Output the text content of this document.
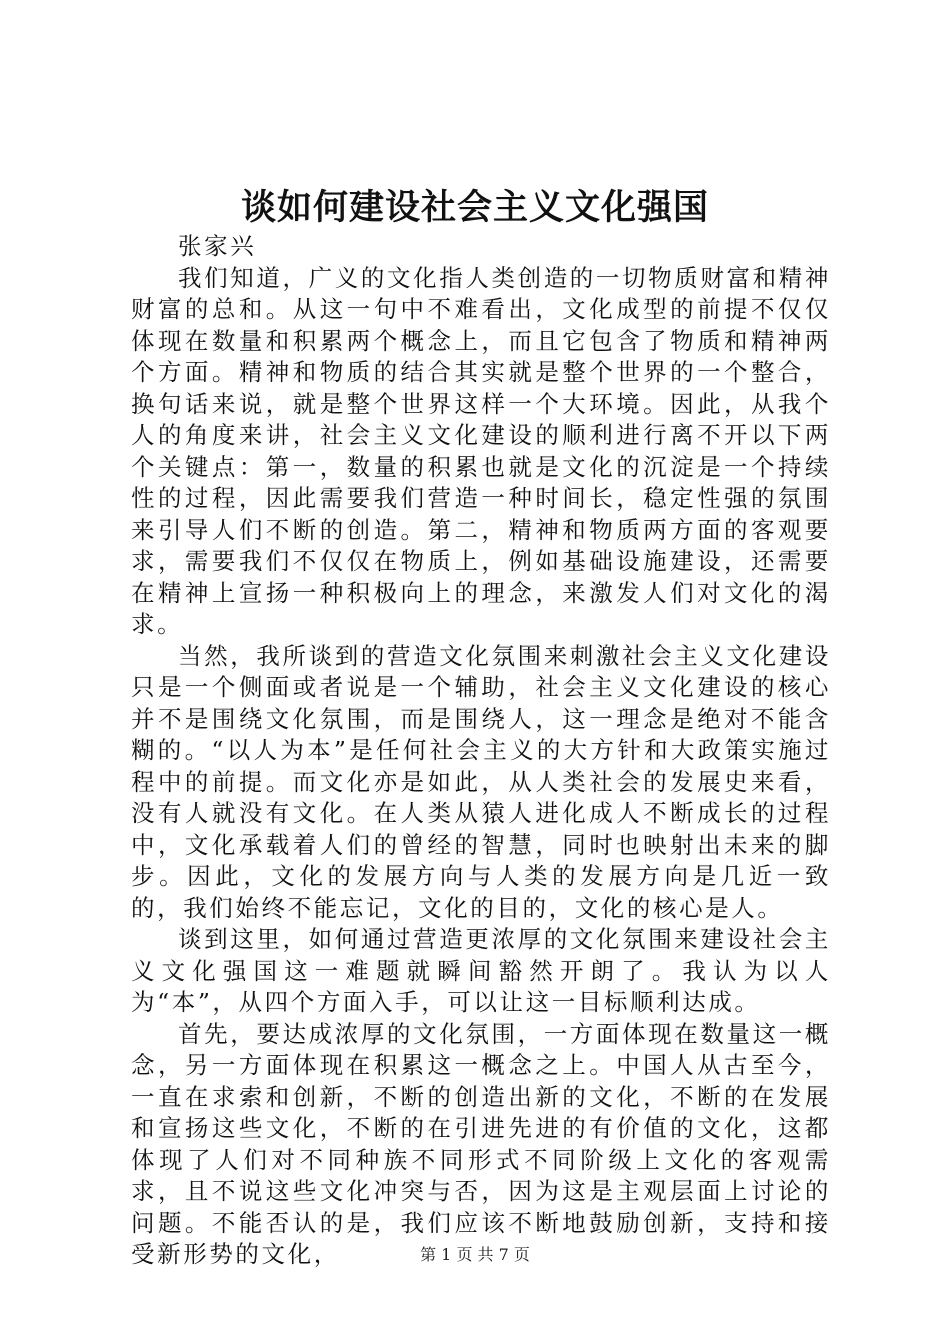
谈如何建设社会主义文化强国

张家兴

我们知道，广义的文化指人类创造的一切物质财富和精神财富的总和。从这一句中不难看出，文化成型的前提不仅仅体现在数量和积累两个概念上，而且它包含了物质和精神两个方面。精神和物质的结合其实就是整个世界的一个整合，换句话来说，就是整个世界这样一个大环境。因此，从我个人的角度来讲，社会主义文化建设的顺利进行离不开以下两个关键点：第一，数量的积累也就是文化的沉淀是一个持续性的过程，因此需要我们营造一种时间长，稳定性强的氛围来引导人们不断的创造。第二，精神和物质两方面的客观要求，需要我们不仅仅在物质上，例如基础设施建设，还需要在精神上宣扬一种积极向上的理念，来激发人们对文化的渴求。

当然，我所谈到的营造文化氛围来刺激社会主义文化建设只是一个侧面或者说是一个辅助，社会主义文化建设的核心并不是围绕文化氛围，而是围绕人，这一理念是绝对不能含糊的。“以人为本”是任何社会主义的大方针和大政策实施过程中的前提。而文化亦是如此，从人类社会的发展史来看，没有人就没有文化。在人类从猿人进化成人不断成长的过程中，文化承载着人们的曾经的智慧，同时也映射出未来的脚步。因此，文化的发展方向与人类的发展方向是几近一致的，我们始终不能忘记，文化的目的，文化的核心是人。

谈到这里，如何通过营造更浓厚的文化氛围来建设社会主义文化强国这一难题就瞬间豁然开朗了。我认为以人为“本”，从四个方面入手，可以让这一目标顺利达成。

首先，要达成浓厚的文化氛围，一方面体现在数量这一概念，另一方面体现在积累这一概念之上。中国人从古至今，一直在求索和创新，不断的创造出新的文化，不断的在发展和宣扬这些文化，不断的在引进先进的有价值的文化，这都体现了人们对不同种族不同形式不同阶级上文化的客观需求，且不说这些文化冲突与否，因为这是主观层面上讨论的问题。不能否认的是，我们应该不断地鼓励创新，支持和接受新形势的文化，	第 1 页 共 7 页
